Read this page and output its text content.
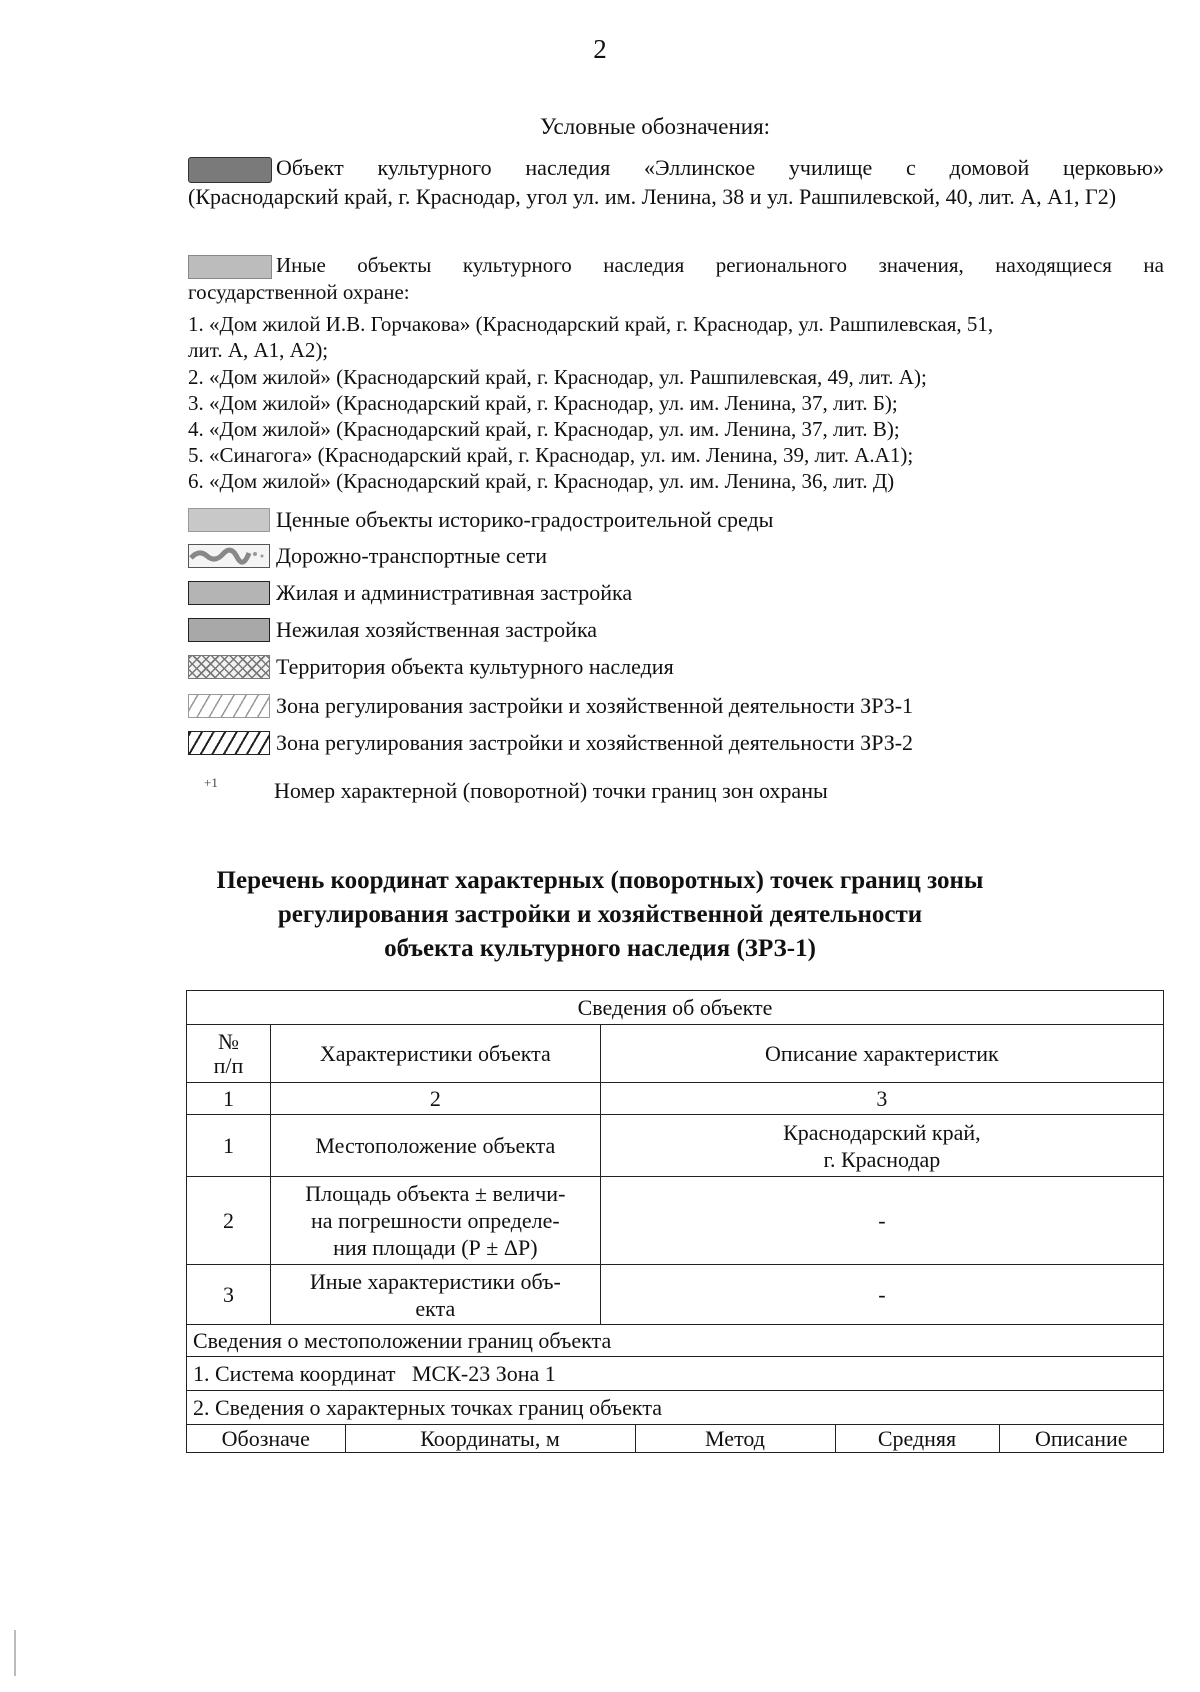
2
Условные обозначения:
Объект культурного наследия «Эллинское училище с домовой церковью»
(Краснодарский край, г. Краснодар, угол ул. им. Ленина, 38 и ул. Рашпилевской, 40, лит. А, А1, Г2)
Иные объекты культурного наследия регионального значения, находящиеся на
государственной охране:
1. «Дом жилой И.В. Горчакова» (Краснодарский край, г. Краснодар, ул. Рашпилевская, 51,
лит. А, А1, А2);
2. «Дом жилой» (Краснодарский край, г. Краснодар, ул. Рашпилевская, 49, лит. А);
3. «Дом жилой» (Краснодарский край, г. Краснодар, ул. им. Ленина, 37, лит. Б);
4. «Дом жилой» (Краснодарский край, г. Краснодар, ул. им. Ленина, 37, лит. В);
5. «Синагога» (Краснодарский край, г. Краснодар, ул. им. Ленина, 39, лит. А.А1);
6. «Дом жилой» (Краснодарский край, г. Краснодар, ул. им. Ленина, 36, лит. Д)
Ценные объекты историко-градостроительной среды
Дорожно-транспортные сети
Жилая и административная застройка
Нежилая хозяйственная застройка
Территория объекта культурного наследия
Зона регулирования застройки и хозяйственной деятельности ЗРЗ-1
Зона регулирования застройки и хозяйственной деятельности ЗРЗ-2
+1	Номер характерной (поворотной) точки границ зон охраны
Перечень координат характерных (поворотных) точек границ зоны
регулирования застройки и хозяйственной деятельности
объекта культурного наследия (ЗРЗ-1)
Сведения об объекте
№
п/п	Характеристики объекта	Описание характеристик
1	2	3
1	Местоположение объекта	Краснодарский край,
г. Краснодар
2	Площадь объекта ± величи-
на погрешности определе-
ния площади (Р ± ΔР)	-
3	Иные характеристики объ-
екта	-
Сведения о местоположении границ объекта
1. Система координат   МСК-23 Зона 1
2. Сведения о характерных точках границ объекта

Обозначе	Координаты, м	Метод	Средняя	Описание
